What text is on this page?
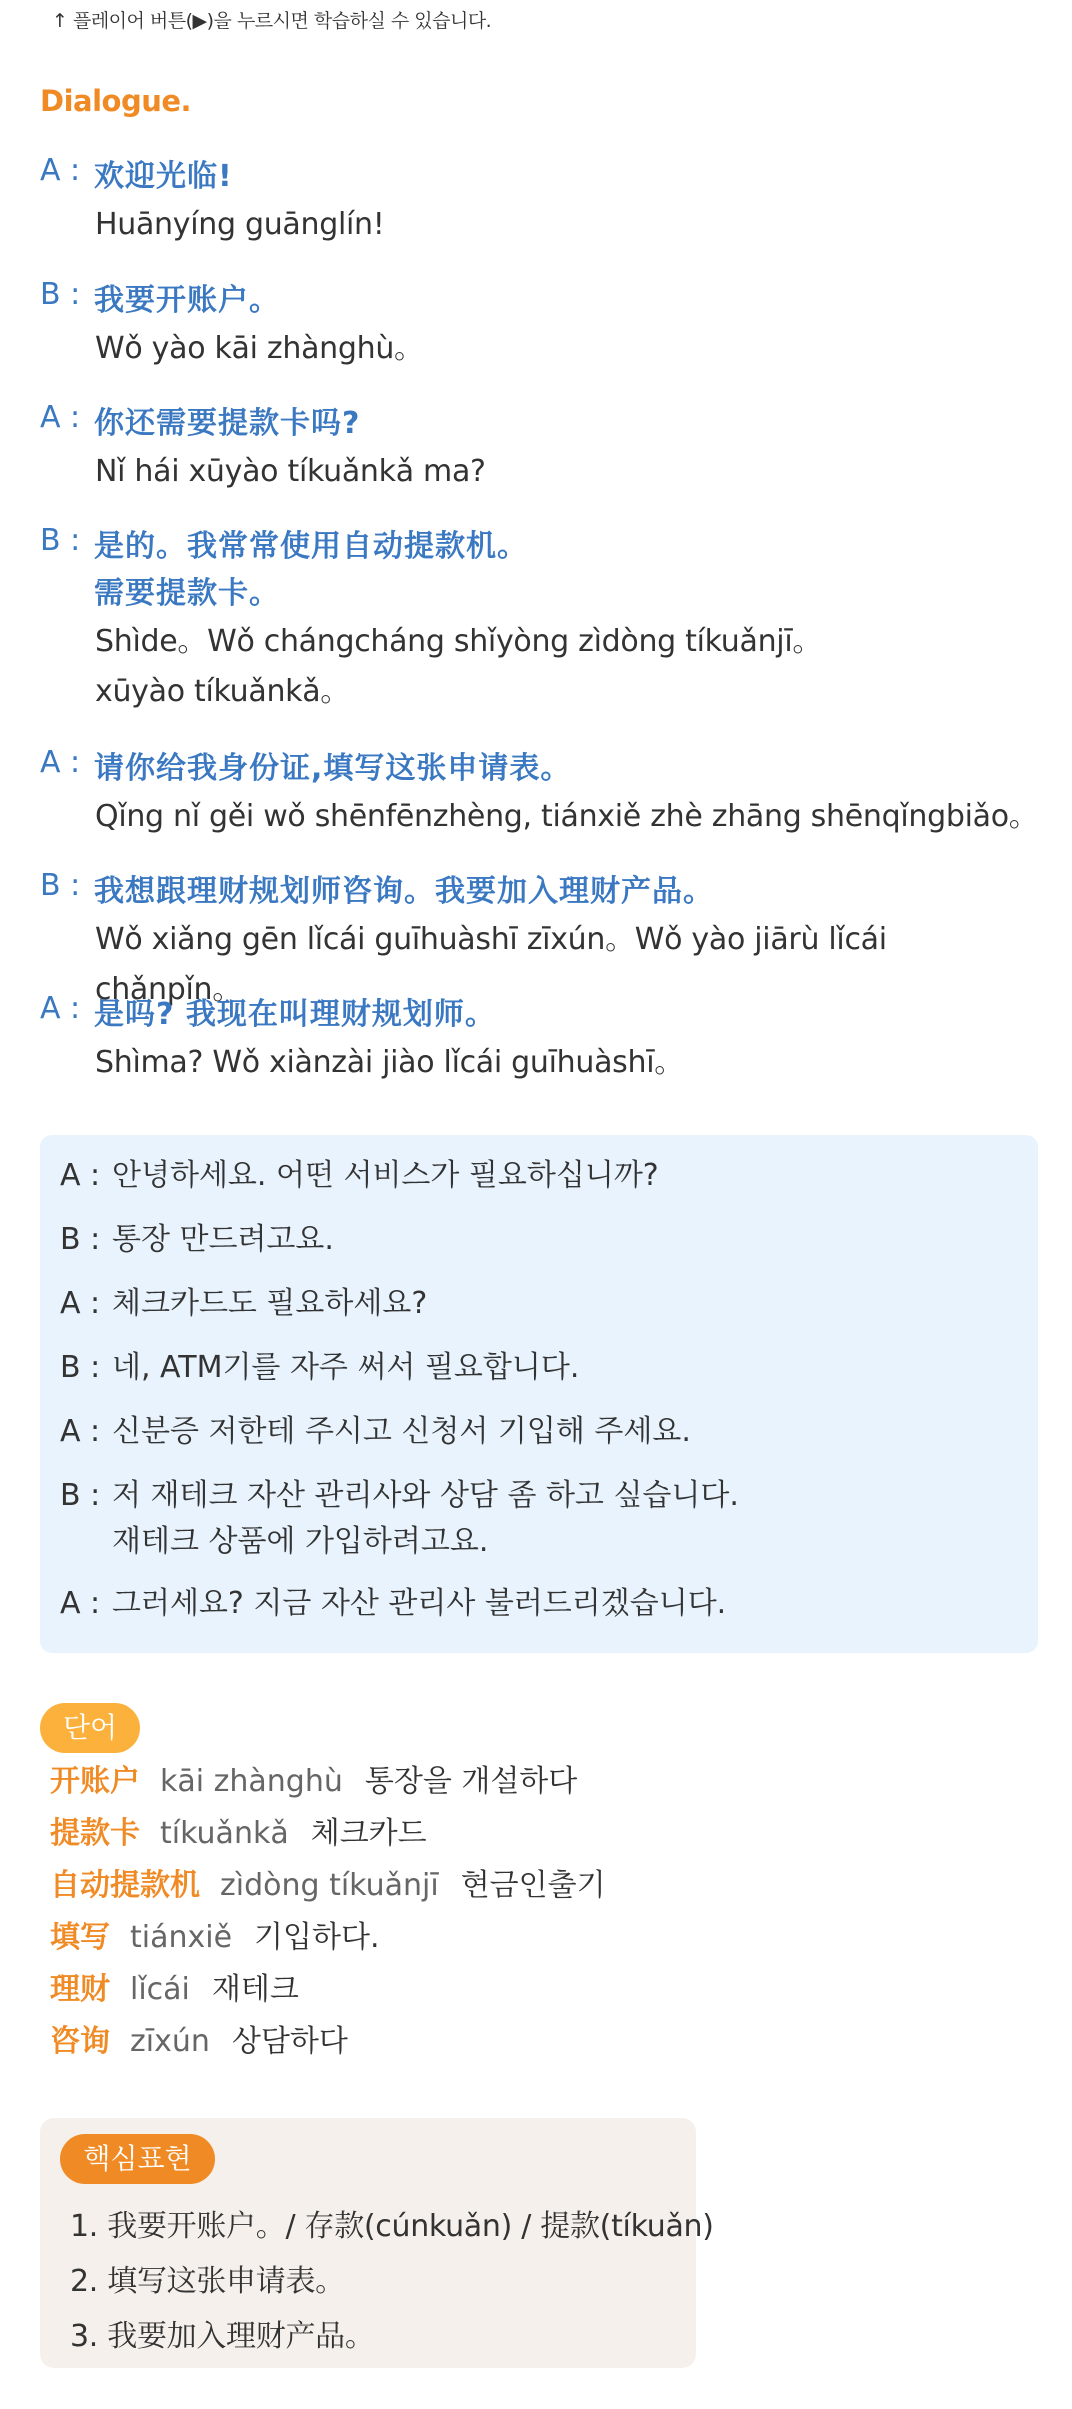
↑ 플레이어 버튼(▶)을 누르시면 학습하실 수 있습니다.
Dialogue.
A : 欢迎光临!
Huānyíng guānglín!
B : 我要开账户。
Wǒ yào kāi zhànghù。
A : 你还需要提款卡吗?
Nǐ hái xūyào tíkuǎnkǎ ma?
B : 是的。我常常使用自动提款机。
需要提款卡。
Shìde。Wǒ chángcháng shǐyòng zìdòng tíkuǎnjī。
xūyào tíkuǎnkǎ。
A : 请你给我身份证,填写这张申请表。
Qǐng nǐ gěi wǒ shēnfēnzhèng, tiánxiě zhè zhāng shēnqǐngbiǎo。
B : 我想跟理财规划师咨询。我要加入理财产品。
Wǒ xiǎng gēn lǐcái guīhuàshī zīxún。Wǒ yào jiārù lǐcái chǎnpǐn。
A : 是吗? 我现在叫理财规划师。
Shìma? Wǒ xiànzài jiào lǐcái guīhuàshī。
A : 안녕하세요. 어떤 서비스가 필요하십니까?
B : 통장 만드려고요.
A : 체크카드도 필요하세요?
B : 네, ATM기를 자주 써서 필요합니다.
A : 신분증 저한테 주시고 신청서 기입해 주세요.
B : 저 재테크 자산 관리사와 상담 좀 하고 싶습니다.
재테크 상품에 가입하려고요.
A : 그러세요? 지금 자산 관리사 불러드리겠습니다.
단어
开账户 kāi zhànghù 통장을 개설하다
提款卡 tíkuǎnkǎ 체크카드
自动提款机 zìdòng tíkuǎnjī 현금인출기
填写 tiánxiě 기입하다.
理财 lǐcái 재테크
咨询 zīxún 상담하다
핵심표현
1. 我要开账户。/ 存款(cúnkuǎn) / 提款(tíkuǎn)
2. 填写这张申请表。
3. 我要加入理财产品。
